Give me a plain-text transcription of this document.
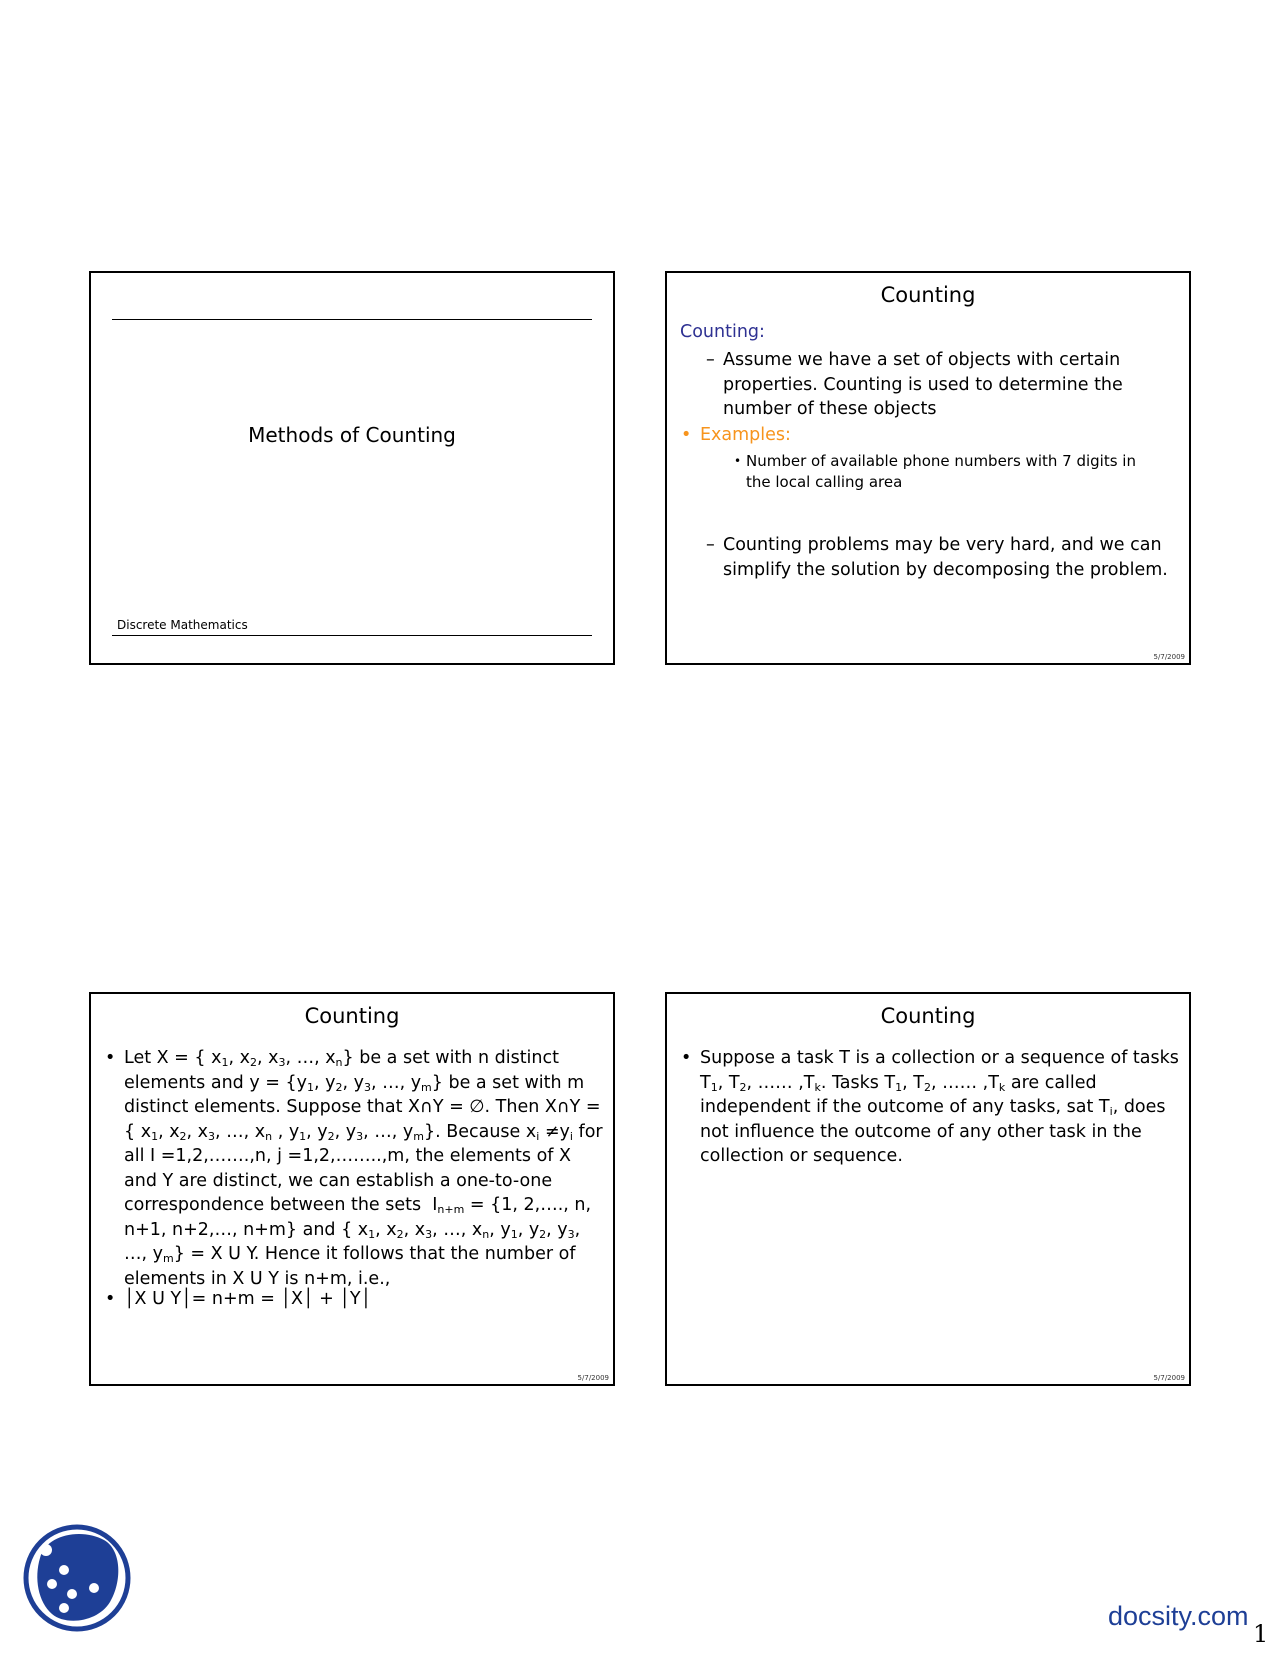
Methods of Counting
Discrete Mathematics
Counting
Counting:
– Assume we have a set of objects with certain properties. Counting is used to determine the number of these objects
• Examples:
• Number of available phone numbers with 7 digits in the local calling area
– Counting problems may be very hard, and we can simplify the solution by decomposing the problem.
5/7/2009
Counting
• Let X = { $x_1$, $x_2$, $x_3$, …, $x_n$} be a set with n distinct elements and $y = \{y_1$, $y_2$, $y_3$, …, $y_m$} be a set with m distinct elements. Suppose that X∩Y = ∅. Then X∩Y = { $x_1$, $x_2$, $x_3$, …, $x_n$ , $y_1$, $y_2$, $y_3$, …, $y_m$}. Because $x_i \ne y_i$ for all I =1,2,…….,n, j =1,2,……..,m, the elements of X and Y are distinct, we can establish a one-to-one correspondence between the sets  $I_{n+m} = \{1$, 2,…., n, n+1, n+2,…, n+m} and { $x_1$, $x_2$, $x_3$, …, $x_n$, $y_1$, $y_2$, $y_3$, …, $y_m\} = X$ U Y. Hence it follows that the number of elements in X U Y is n+m, i.e.,
• │X U Y│= n+m = │X│ + │Y│
5/7/2009
Counting
• Suppose a task T is a collection or a sequence of tasks $T_1$, $T_2$, …… $,T_k$. Tasks $T_1$, $T_2$, …… $,T_k$ are called independent if the outcome of any tasks, sat $T_i$, does not influence the outcome of any other task in the collection or sequence.
5/7/2009
docsity.com
1
